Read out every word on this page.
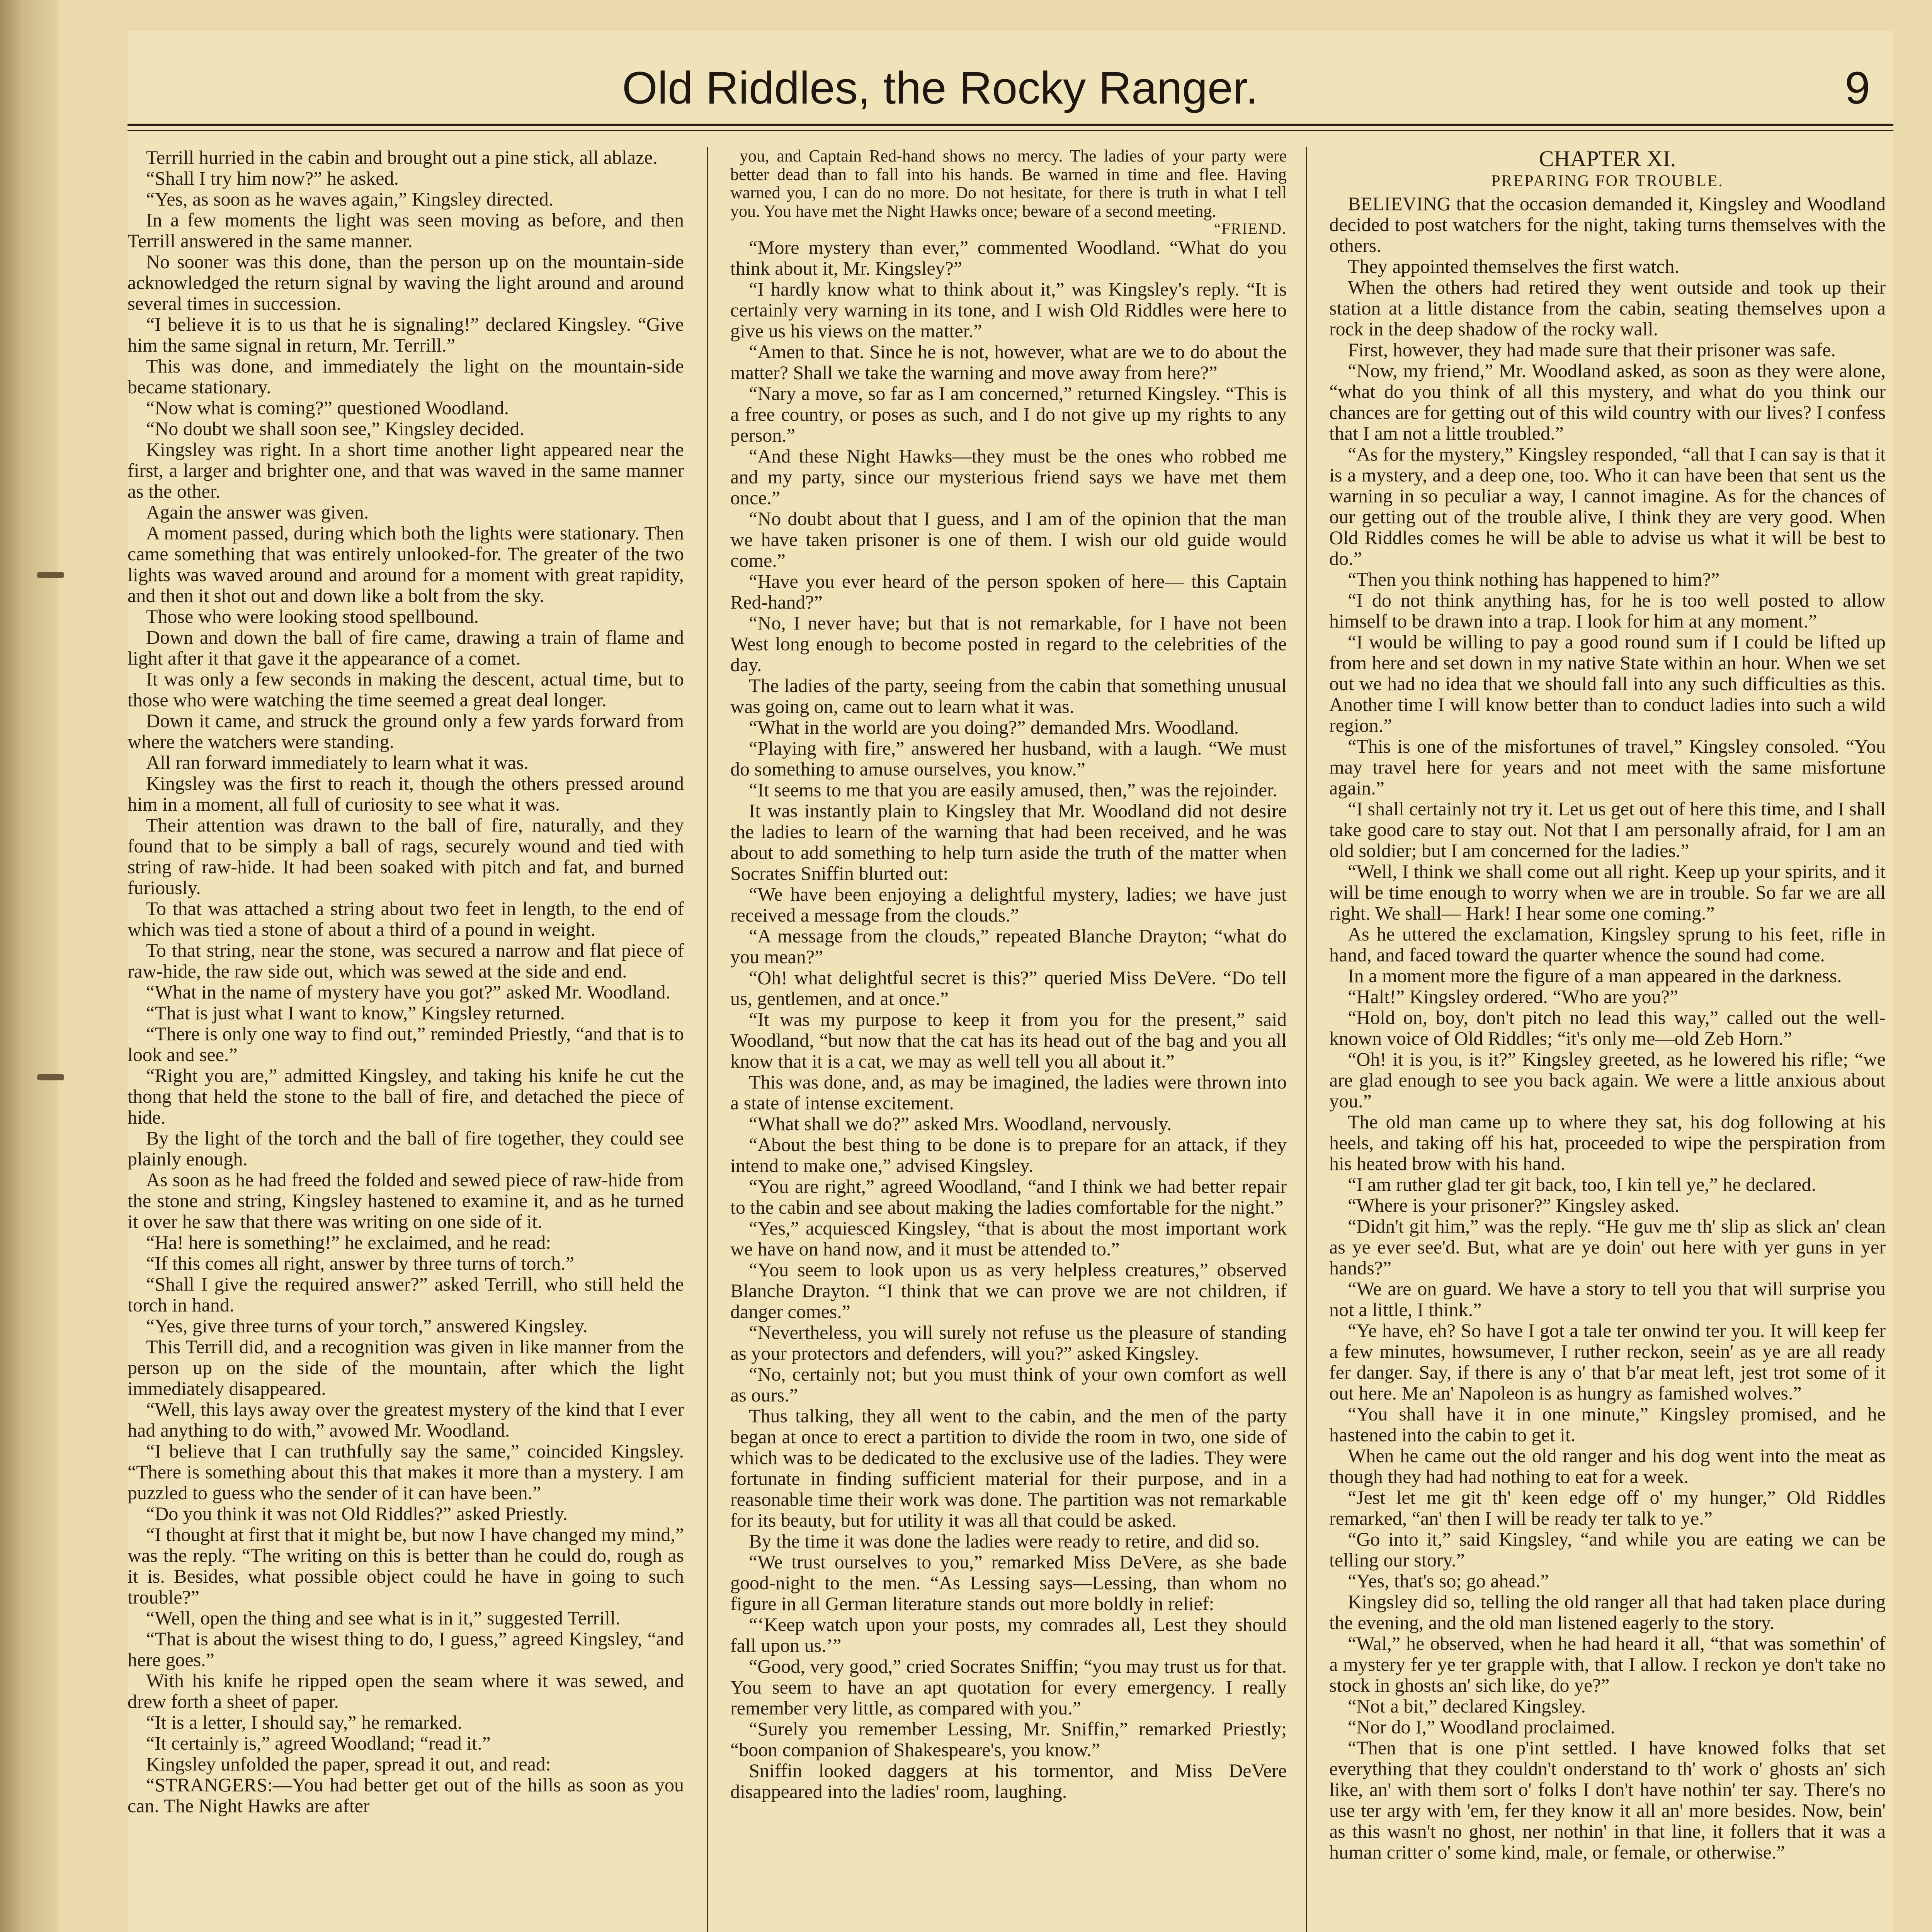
Old Riddles, the Rocky Ranger.	9

Terrill hurried in the cabin and brought out a pine stick, all ablaze.

“Shall I try him now?” he asked.

“Yes, as soon as he waves again,” Kingsley directed.

In a few moments the light was seen moving as before, and then Terrill answered in the same manner.

No sooner was this done, than the person up on the mountain-side acknowledged the return signal by waving the light around and around several times in succession.

“I believe it is to us that he is signaling!” declared Kingsley. “Give him the same signal in return, Mr. Terrill.”

This was done, and immediately the light on the mountain-side became stationary.

“Now what is coming?” questioned Woodland.

“No doubt we shall soon see,” Kingsley decided.

Kingsley was right. In a short time another light appeared near the first, a larger and brighter one, and that was waved in the same manner as the other.

Again the answer was given.

A moment passed, during which both the lights were stationary. Then came something that was entirely unlooked-for. The greater of the two lights was waved around and around for a moment with great rapidity, and then it shot out and down like a bolt from the sky.

Those who were looking stood spellbound.

Down and down the ball of fire came, drawing a train of flame and light after it that gave it the appearance of a comet.

It was only a few seconds in making the descent, actual time, but to those who were watching the time seemed a great deal longer.

Down it came, and struck the ground only a few yards forward from where the watchers were standing.

All ran forward immediately to learn what it was.

Kingsley was the first to reach it, though the others pressed around him in a moment, all full of curiosity to see what it was.

Their attention was drawn to the ball of fire, naturally, and they found that to be simply a ball of rags, securely wound and tied with string of raw-hide. It had been soaked with pitch and fat, and burned furiously.

To that was attached a string about two feet in length, to the end of which was tied a stone of about a third of a pound in weight.

To that string, near the stone, was secured a narrow and flat piece of raw-hide, the raw side out, which was sewed at the side and end.

“What in the name of mystery have you got?” asked Mr. Woodland.

“That is just what I want to know,” Kingsley returned.

“There is only one way to find out,” reminded Priestly, “and that is to look and see.”

“Right you are,” admitted Kingsley, and taking his knife he cut the thong that held the stone to the ball of fire, and detached the piece of hide.

By the light of the torch and the ball of fire together, they could see plainly enough.

As soon as he had freed the folded and sewed piece of raw-hide from the stone and string, Kingsley hastened to examine it, and as he turned it over he saw that there was writing on one side of it.

“Ha! here is something!” he exclaimed, and he read:

“If this comes all right, answer by three turns of torch.”

“Shall I give the required answer?” asked Terrill, who still held the torch in hand.

“Yes, give three turns of your torch,” answered Kingsley.

This Terrill did, and a recognition was given in like manner from the person up on the side of the mountain, after which the light immediately disappeared.

“Well, this lays away over the greatest mystery of the kind that I ever had anything to do with,” avowed Mr. Woodland.

“I believe that I can truthfully say the same,” coincided Kingsley. “There is something about this that makes it more than a mystery. I am puzzled to guess who the sender of it can have been.”

“Do you think it was not Old Riddles?” asked Priestly.

“I thought at first that it might be, but now I have changed my mind,” was the reply. “The writing on this is better than he could do, rough as it is. Besides, what possible object could he have in going to such trouble?”

“Well, open the thing and see what is in it,” suggested Terrill.

“That is about the wisest thing to do, I guess,” agreed Kingsley, “and here goes.”

With his knife he ripped open the seam where it was sewed, and drew forth a sheet of paper.

“It is a letter, I should say,” he remarked.

“It certainly is,” agreed Woodland; “read it.”

Kingsley unfolded the paper, spread it out, and read:

“STRANGERS:—You had better get out of the hills as soon as you can. The Night Hawks are after

you, and Captain Red-hand shows no mercy. The ladies of your party were better dead than to fall into his hands. Be warned in time and flee. Having warned you, I can do no more. Do not hesitate, for there is truth in what I tell you. You have met the Night Hawks once; beware of a second meeting.

“FRIEND.

“More mystery than ever,” commented Woodland. “What do you think about it, Mr. Kingsley?”

“I hardly know what to think about it,” was Kingsley's reply. “It is certainly very warning in its tone, and I wish Old Riddles were here to give us his views on the matter.”

“Amen to that. Since he is not, however, what are we to do about the matter? Shall we take the warning and move away from here?”

“Nary a move, so far as I am concerned,” returned Kingsley. “This is a free country, or poses as such, and I do not give up my rights to any person.”

“And these Night Hawks—they must be the ones who robbed me and my party, since our mysterious friend says we have met them once.”

“No doubt about that I guess, and I am of the opinion that the man we have taken prisoner is one of them. I wish our old guide would come.”

“Have you ever heard of the person spoken of here— this Captain Red-hand?”

“No, I never have; but that is not remarkable, for I have not been West long enough to become posted in regard to the celebrities of the day.

The ladies of the party, seeing from the cabin that something unusual was going on, came out to learn what it was.

“What in the world are you doing?” demanded Mrs. Woodland.

“Playing with fire,” answered her husband, with a laugh. “We must do something to amuse ourselves, you know.”

“It seems to me that you are easily amused, then,” was the rejoinder.

It was instantly plain to Kingsley that Mr. Woodland did not desire the ladies to learn of the warning that had been received, and he was about to add something to help turn aside the truth of the matter when Socrates Sniffin blurted out:

“We have been enjoying a delightful mystery, ladies; we have just received a message from the clouds.”

“A message from the clouds,” repeated Blanche Drayton; “what do you mean?”

“Oh! what delightful secret is this?” queried Miss DeVere. “Do tell us, gentlemen, and at once.”

“It was my purpose to keep it from you for the present,” said Woodland, “but now that the cat has its head out of the bag and you all know that it is a cat, we may as well tell you all about it.”

This was done, and, as may be imagined, the ladies were thrown into a state of intense excitement.

“What shall we do?” asked Mrs. Woodland, nervously.

“About the best thing to be done is to prepare for an attack, if they intend to make one,” advised Kingsley.

“You are right,” agreed Woodland, “and I think we had better repair to the cabin and see about making the ladies comfortable for the night.”

“Yes,” acquiesced Kingsley, “that is about the most important work we have on hand now, and it must be attended to.”

“You seem to look upon us as very helpless creatures,” observed Blanche Drayton. “I think that we can prove we are not children, if danger comes.”

“Nevertheless, you will surely not refuse us the pleasure of standing as your protectors and defenders, will you?” asked Kingsley.

“No, certainly not; but you must think of your own comfort as well as ours.”

Thus talking, they all went to the cabin, and the men of the party began at once to erect a partition to divide the room in two, one side of which was to be dedicated to the exclusive use of the ladies. They were fortunate in finding sufficient material for their purpose, and in a reasonable time their work was done. The partition was not remarkable for its beauty, but for utility it was all that could be asked.

By the time it was done the ladies were ready to retire, and did so.

“We trust ourselves to you,” remarked Miss DeVere, as she bade good-night to the men. “As Lessing says—Lessing, than whom no figure in all German literature stands out more boldly in relief:

“‘Keep watch upon your posts, my comrades all, Lest they should fall upon us.’”

“Good, very good,” cried Socrates Sniffin; “you may trust us for that. You seem to have an apt quotation for every emergency. I really remember very little, as compared with you.”

“Surely you remember Lessing, Mr. Sniffin,” remarked Priestly; “boon companion of Shakespeare's, you know.”

Sniffin looked daggers at his tormentor, and Miss DeVere disappeared into the ladies' room, laughing.

CHAPTER XI.
PREPARING FOR TROUBLE.

BELIEVING that the occasion demanded it, Kingsley and Woodland decided to post watchers for the night, taking turns themselves with the others.

They appointed themselves the first watch.

When the others had retired they went outside and took up their station at a little distance from the cabin, seating themselves upon a rock in the deep shadow of the rocky wall.

First, however, they had made sure that their prisoner was safe.

“Now, my friend,” Mr. Woodland asked, as soon as they were alone, “what do you think of all this mystery, and what do you think our chances are for getting out of this wild country with our lives? I confess that I am not a little troubled.”

“As for the mystery,” Kingsley responded, “all that I can say is that it is a mystery, and a deep one, too. Who it can have been that sent us the warning in so peculiar a way, I cannot imagine. As for the chances of our getting out of the trouble alive, I think they are very good. When Old Riddles comes he will be able to advise us what it will be best to do.”

“Then you think nothing has happened to him?”

“I do not think anything has, for he is too well posted to allow himself to be drawn into a trap. I look for him at any moment.”

“I would be willing to pay a good round sum if I could be lifted up from here and set down in my native State within an hour. When we set out we had no idea that we should fall into any such difficulties as this. Another time I will know better than to conduct ladies into such a wild region.”

“This is one of the misfortunes of travel,” Kingsley consoled. “You may travel here for years and not meet with the same misfortune again.”

“I shall certainly not try it. Let us get out of here this time, and I shall take good care to stay out. Not that I am personally afraid, for I am an old soldier; but I am concerned for the ladies.”

“Well, I think we shall come out all right. Keep up your spirits, and it will be time enough to worry when we are in trouble. So far we are all right. We shall— Hark! I hear some one coming.”

As he uttered the exclamation, Kingsley sprung to his feet, rifle in hand, and faced toward the quarter whence the sound had come.

In a moment more the figure of a man appeared in the darkness.

“Halt!” Kingsley ordered. “Who are you?”

“Hold on, boy, don't pitch no lead this way,” called out the well-known voice of Old Riddles; “it's only me—old Zeb Horn.”

“Oh! it is you, is it?” Kingsley greeted, as he lowered his rifle; “we are glad enough to see you back again. We were a little anxious about you.”

The old man came up to where they sat, his dog following at his heels, and taking off his hat, proceeded to wipe the perspiration from his heated brow with his hand.

“I am ruther glad ter git back, too, I kin tell ye,” he declared.

“Where is your prisoner?” Kingsley asked.

“Didn't git him,” was the reply. “He guv me th' slip as slick an' clean as ye ever see'd. But, what are ye doin' out here with yer guns in yer hands?”

“We are on guard. We have a story to tell you that will surprise you not a little, I think.”

“Ye have, eh? So have I got a tale ter onwind ter you. It will keep fer a few minutes, howsumever, I ruther reckon, seein' as ye are all ready fer danger. Say, if there is any o' that b'ar meat left, jest trot some of it out here. Me an' Napoleon is as hungry as famished wolves.”

“You shall have it in one minute,” Kingsley promised, and he hastened into the cabin to get it.

When he came out the old ranger and his dog went into the meat as though they had had nothing to eat for a week.

“Jest let me git th' keen edge off o' my hunger,” Old Riddles remarked, “an' then I will be ready ter talk to ye.”

“Go into it,” said Kingsley, “and while you are eating we can be telling our story.”

“Yes, that's so; go ahead.”

Kingsley did so, telling the old ranger all that had taken place during the evening, and the old man listened eagerly to the story.

“Wal,” he observed, when he had heard it all, “that was somethin' of a mystery fer ye ter grapple with, that I allow. I reckon ye don't take no stock in ghosts an' sich like, do ye?”

“Not a bit,” declared Kingsley.

“Nor do I,” Woodland proclaimed.

“Then that is one p'int settled. I have knowed folks that set everything that they couldn't onderstand to th' work o' ghosts an' sich like, an' with them sort o' folks I don't have nothin' ter say. There's no use ter argy with 'em, fer they know it all an' more besides. Now, bein' as this wasn't no ghost, ner nothin' in that line, it follers that it was a human critter o' some kind, male, or female, or otherwise.”
